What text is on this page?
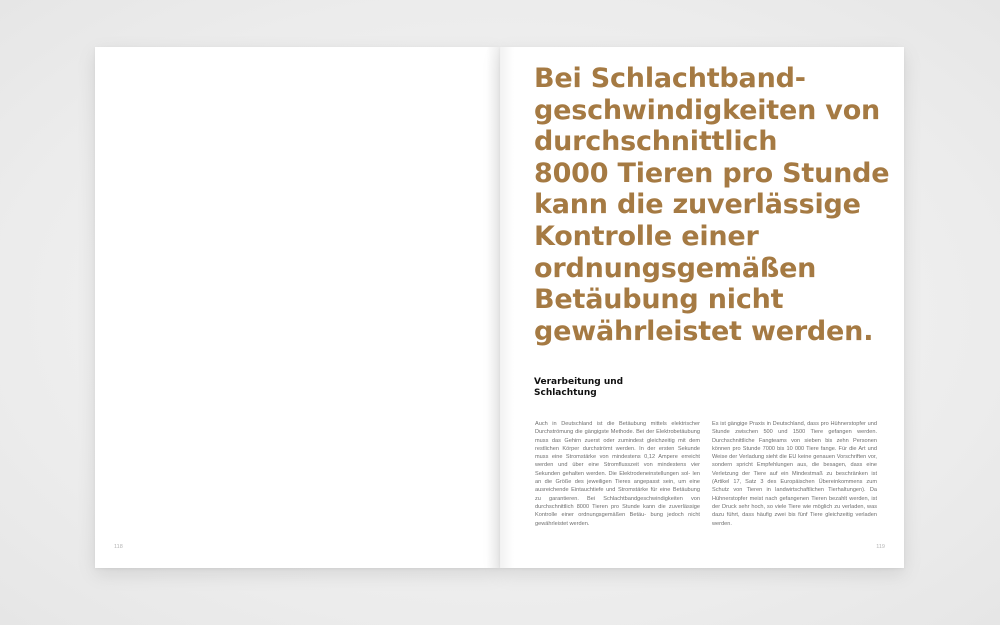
118
Bei Schlachtband-
geschwindigkeiten von
durchschnittlich
8000 Tieren pro Stunde
kann die zuverlässige
Kontrolle einer
ordnungsgemäßen
Betäubung nicht
gewährleistet werden.
Verarbeitung und
Schlachtung

Auch in Deutschland ist die Betäubung mittels elektrischer Durchströmung die gängigste Methode. Bei der Elektrobetäubung muss das Gehirn zuerst oder zumindest gleichzeitig mit dem restlichen Körper durchströmt werden. In der ersten Sekunde muss eine Stromstärke von mindestens 0,12 Ampere erreicht werden und über eine Stromflusszeit von mindestens vier Sekunden gehalten werden. Die Elektrodeneinstellungen sol- len an die Größe des jeweiligen Tieres angepasst sein, um eine ausreichende Eintauchtiefe und Stromstärke für eine Betäubung zu garantieren. Bei Schlachtbandgeschwindigkeiten von durchschnittlich 8000 Tieren pro Stunde kann die zuverlässige Kontrolle einer ordnungsgemäßen Betäu- bung jedoch nicht gewährleistet werden.

Es ist gängige Praxis in Deutschland, dass pro Hühnerstopfer und Stunde zwischen 500 und 1500 Tiere gefangen werden. Durchschnittliche Fangteams von sieben bis zehn Personen können pro Stunde 7000 bis 10 000 Tiere fange. Für die Art und Weise der Verladung sieht die EU keine genauen Vorschriften vor, sondern spricht Empfehlungen aus, die besagen, dass eine Verletzung der Tiere auf ein Mindestmaß zu beschränken ist (Artikel 17, Satz 3 des Europäischen Übereinkommens zum Schutz von Tieren in landwirtschaftlichen Tierhaltungen). Da Hühnerstopfer meist nach gefangenen Tieren bezahlt werden, ist der Druck sehr hoch, so viele Tiere wie möglich zu verladen, was dazu führt, dass häufig zwei bis fünf Tiere gleichzeitig verladen werden.

119
